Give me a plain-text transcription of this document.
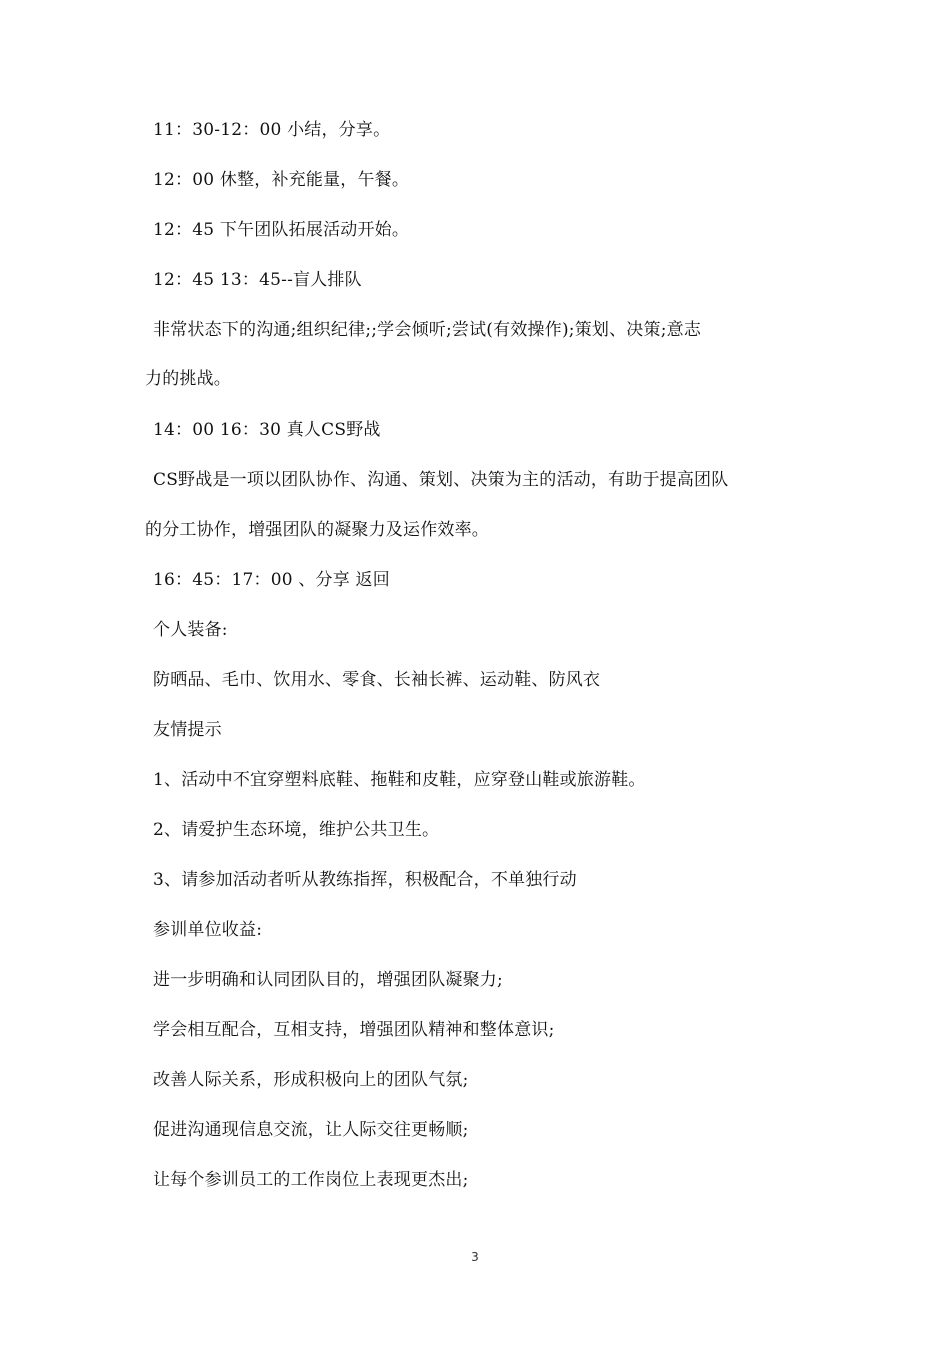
11：30-12：00 小结，分享。
12：00 休整，补充能量，午餐。
12：45 下午团队拓展活动开始。
12：45 13：45--盲人排队
非常状态下的沟通;组织纪律;;学会倾听;尝试(有效操作);策划、决策;意志
力的挑战。
14：00 16：30 真人CS野战
CS野战是一项以团队协作、沟通、策划、决策为主的活动，有助于提高团队
的分工协作，增强团队的凝聚力及运作效率。
16：45：17：00 、分享 返回
个人装备:
防晒品、毛巾、饮用水、零食、长袖长裤、运动鞋、防风衣
友情提示
1、活动中不宜穿塑料底鞋、拖鞋和皮鞋，应穿登山鞋或旅游鞋。
2、请爱护生态环境，维护公共卫生。
3、请参加活动者听从教练指挥，积极配合，不单独行动
参训单位收益:
进一步明确和认同团队目的，增强团队凝聚力;
学会相互配合，互相支持，增强团队精神和整体意识;
改善人际关系，形成积极向上的团队气氛;
促进沟通现信息交流，让人际交往更畅顺;
让每个参训员工的工作岗位上表现更杰出;
3
